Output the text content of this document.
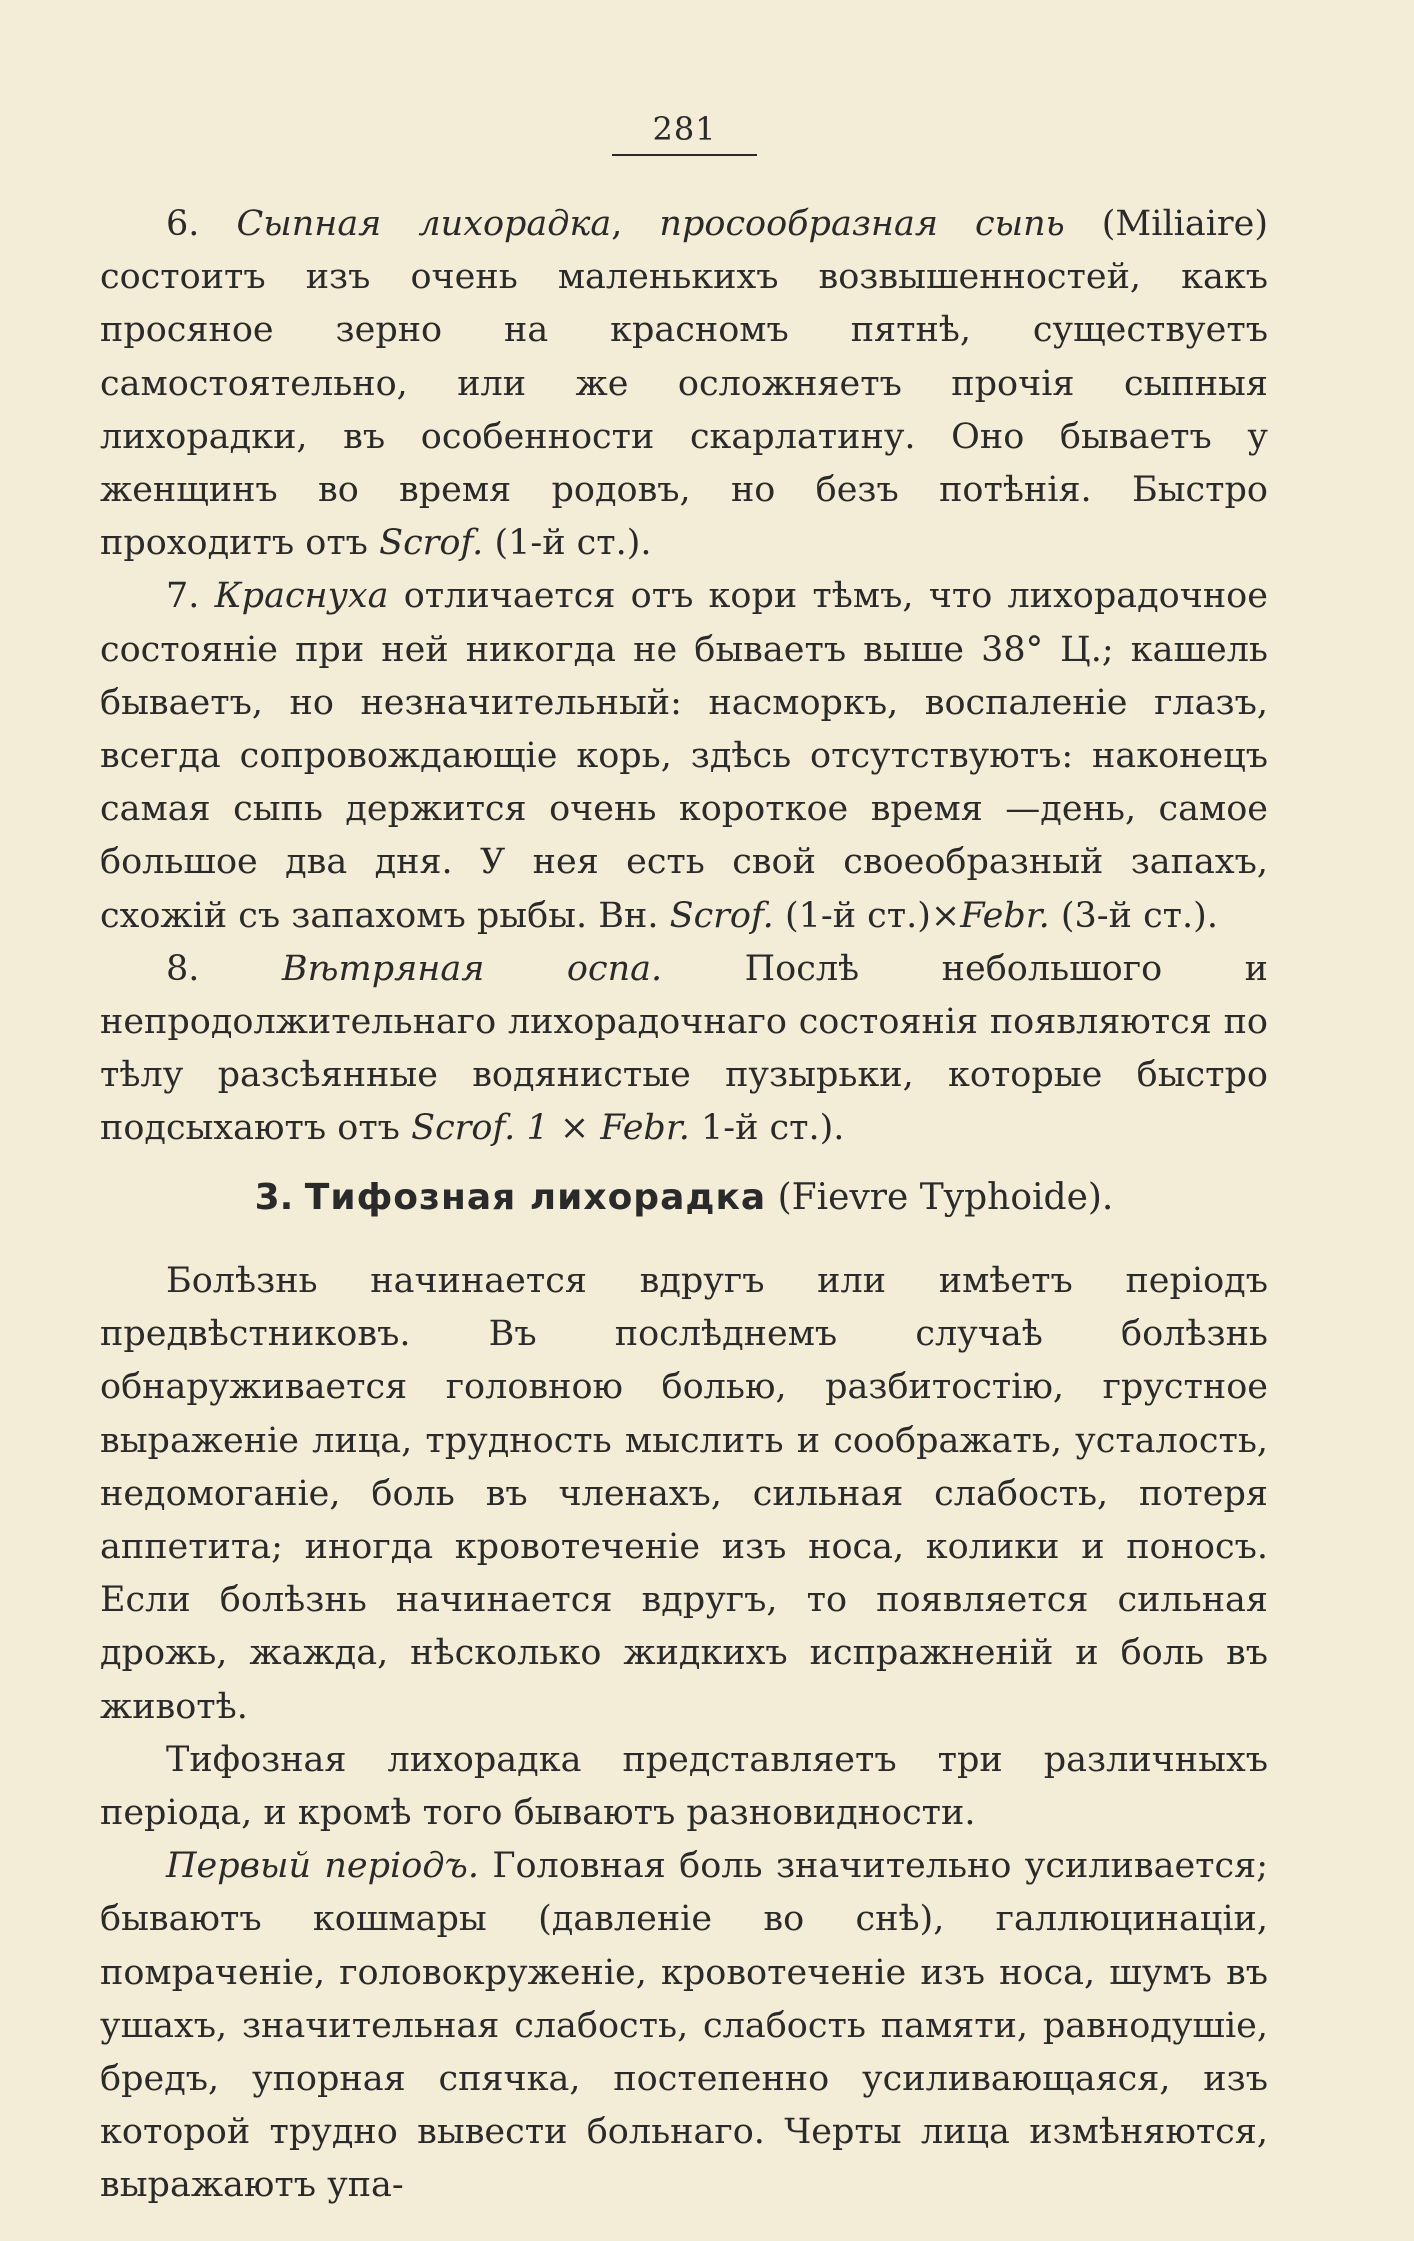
281

6. Сыпная лихорадка, просообразная сыпь (Miliaire) состоитъ изъ очень маленькихъ возвышенностей, какъ просяное зерно на красномъ пятнѣ, существуетъ самостоятельно, или же осложняетъ прочія сыпныя лихорадки, въ особенности скарлатину. Оно бываетъ у женщинъ во время родовъ, но безъ потѣнія. Быстро проходитъ отъ Scrof. (1-й ст.).

7. Краснуха отличается отъ кори тѣмъ, что лихорадочное состояніе при ней никогда не бываетъ выше 38° Ц.; кашель бываетъ, но незначительный: насморкъ, воспаленіе глазъ, всегда сопровождающіе корь, здѣсь отсутствуютъ: наконецъ самая сыпь держится очень короткое время —день, самое большое два дня. У нея есть свой своеобразный запахъ, схожій съ запахомъ рыбы. Вн. Scrof. (1-й ст.)×Febr. (3-й ст.).

8. Вѣтряная оспа. Послѣ небольшого и непродолжительнаго лихорадочнаго состоянія появляются по тѣлу разсѣянные водянистые пузырьки, которые быстро подсыхаютъ отъ Scrof. 1 × Febr. 1-й ст.).

3. Тифозная лихорадка (Fievre Typhoide).

Болѣзнь начинается вдругъ или имѣетъ періодъ предвѣстниковъ. Въ послѣднемъ случаѣ болѣзнь обнаруживается головною болью, разбитостію, грустное выраженіе лица, трудность мыслить и соображать, усталость, недомоганіе, боль въ членахъ, сильная слабость, потеря аппетита; иногда кровотеченіе изъ носа, колики и поносъ. Если болѣзнь начинается вдругъ, то появляется сильная дрожь, жажда, нѣсколько жидкихъ испражненій и боль въ животѣ.

Тифозная лихорадка представляетъ три различныхъ періода, и кромѣ того бываютъ разновидности.

Первый періодъ. Головная боль значительно усиливается; бываютъ кошмары (давленіе во снѣ), галлюцинаціи, помраченіе, головокруженіе, кровотеченіе изъ носа, шумъ въ ушахъ, значительная слабость, слабость памяти, равнодушіе, бредъ, упорная спячка, постепенно усиливающаяся, изъ которой трудно вывести больнаго. Черты лица измѣняются, выражаютъ упа-
